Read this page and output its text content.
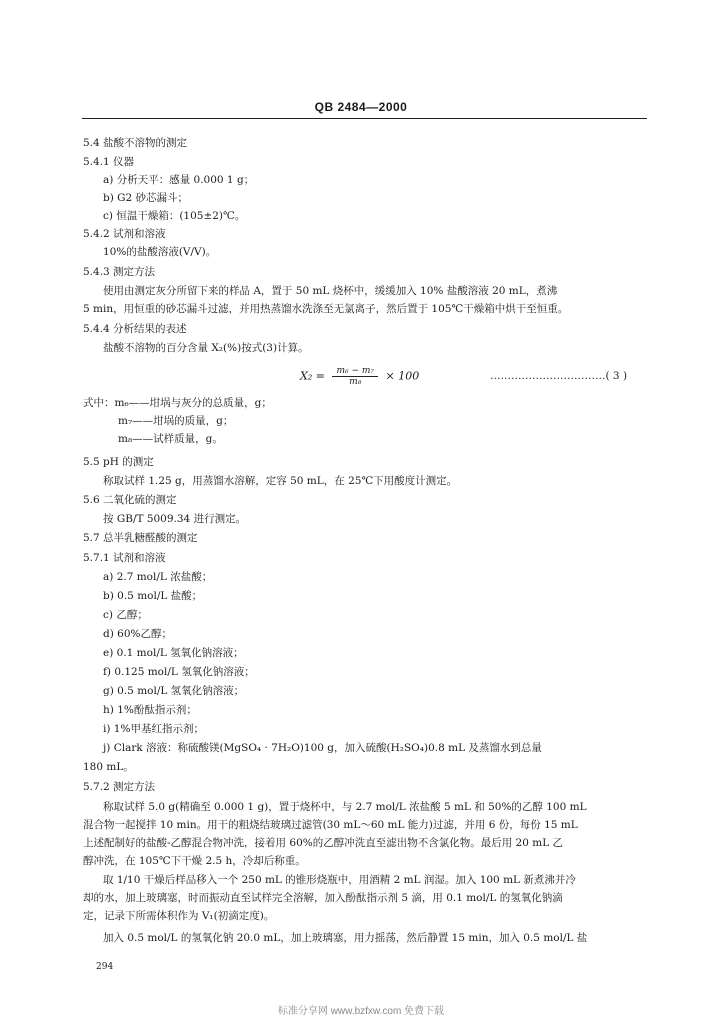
QB 2484—2000
5.4 盐酸不溶物的测定
5.4.1 仪器
a) 分析天平：感量 0.000 1 g；
b) G2 砂芯漏斗；
c) 恒温干燥箱：(105±2)℃。
5.4.2 试剂和溶液
10%的盐酸溶液(V/V)。
5.4.3 测定方法
使用由测定灰分所留下来的样品 A，置于 50 mL 烧杯中，缓缓加入 10% 盐酸溶液 20 mL，煮沸
5 min，用恒重的砂芯漏斗过滤，并用热蒸馏水洗涤至无氯离子，然后置于 105℃干燥箱中烘干至恒重。
5.4.4 分析结果的表述
盐酸不溶物的百分含量 X₂(%)按式(3)计算。
式中：m₆——坩埚与灰分的总质量，g；
m₇——坩埚的质量，g；
m₈——试样质量，g。
5.5 pH 的测定
称取试样 1.25 g，用蒸馏水溶解，定容 50 mL，在 25℃下用酸度计测定。
5.6 二氧化硫的测定
按 GB/T 5009.34 进行测定。
5.7 总半乳糖醛酸的测定
5.7.1 试剂和溶液
a) 2.7 mol/L 浓盐酸；
b) 0.5 mol/L 盐酸；
c) 乙醇；
d) 60%乙醇；
e) 0.1 mol/L 氢氧化钠溶液；
f) 0.125 mol/L 氢氧化钠溶液；
g) 0.5 mol/L 氢氧化钠溶液；
h) 1%酚酞指示剂；
i) 1%甲基红指示剂；
j) Clark 溶液：称硫酸镁(MgSO₄ · 7H₂O)100 g，加入硫酸(H₂SO₄)0.8 mL 及蒸馏水到总量
180 mL。
5.7.2 测定方法
称取试样 5.0 g(精确至 0.000 1 g)，置于烧杯中，与 2.7 mol/L 浓盐酸 5 mL 和 50%的乙醇 100 mL
混合物一起搅拌 10 min。用干的粗烧结玻璃过滤管(30 mL～60 mL 能力)过滤，并用 6 份，每份 15 mL
上述配制好的盐酸-乙醇混合物冲洗，接着用 60%的乙醇冲洗直至滤出物不含氯化物。最后用 20 mL 乙
醇冲洗，在 105℃下干燥 2.5 h，冷却后称重。
取 1/10 干燥后样品移入一个 250 mL 的锥形烧瓶中，用酒精 2 mL 润湿。加入 100 mL 新煮沸并冷
却的水，加上玻璃塞，时而振动直至试样完全溶解，加入酚酞指示剂 5 滴，用 0.1 mol/L 的氢氧化钠滴
定，记录下所需体积作为 V₁(初滴定度)。
加入 0.5 mol/L 的氢氧化钠 20.0 mL，加上玻璃塞，用力摇荡，然后静置 15 min，加入 0.5 mol/L 盐
$X_2 = \frac{\text{m₆ − m₇}}{\text{m₈}} \times 100$	……………………………( 3 )
294
标准分享网 www.bzfxw.com 免费下载
